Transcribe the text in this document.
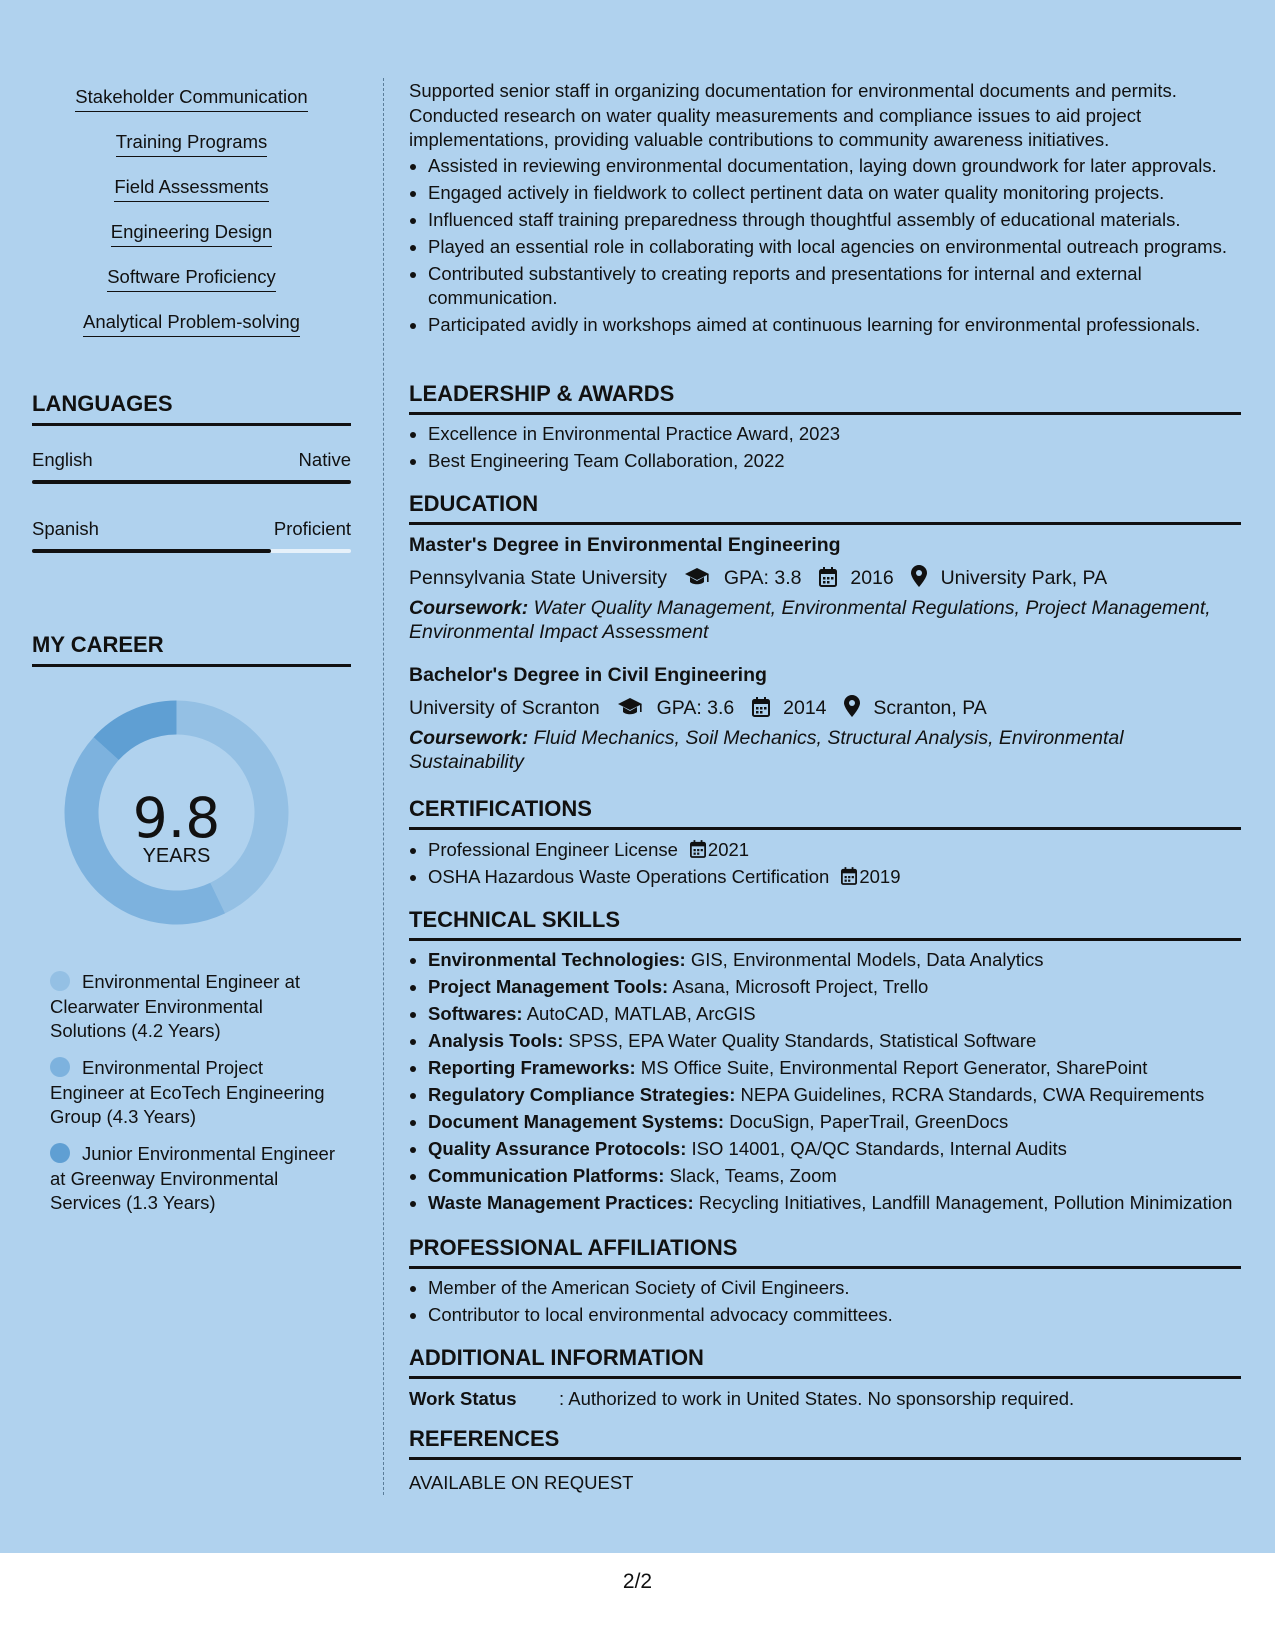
Stakeholder Communication
Training Programs
Field Assessments
Engineering Design
Software Proficiency
Analytical Problem-solving
LANGUAGES
English	Native
Spanish	Proficient
MY CAREER
9.8
YEARS
Environmental Engineer at Clearwater Environmental Solutions (4.2 Years)
Environmental Project Engineer at EcoTech Engineering Group (4.3 Years)
Junior Environmental Engineer at Greenway Environmental Services (1.3 Years)
Supported senior staff in organizing documentation for environmental documents and permits. Conducted research on water quality measurements and compliance issues to aid project implementations, providing valuable contributions to community awareness initiatives.
• Assisted in reviewing environmental documentation, laying down groundwork for later approvals.
• Engaged actively in fieldwork to collect pertinent data on water quality monitoring projects.
• Influenced staff training preparedness through thoughtful assembly of educational materials.
• Played an essential role in collaborating with local agencies on environmental outreach programs.
• Contributed substantively to creating reports and presentations for internal and external communication.
• Participated avidly in workshops aimed at continuous learning for environmental professionals.
LEADERSHIP & AWARDS
• Excellence in Environmental Practice Award, 2023
• Best Engineering Team Collaboration, 2022
EDUCATION
Master's Degree in Environmental Engineering
Pennsylvania State University	GPA: 3.8	2016 University Park, PA
Coursework: Water Quality Management, Environmental Regulations, Project Management, Environmental Impact Assessment
Bachelor's Degree in Civil Engineering
University of Scranton	GPA: 3.6	2014 Scranton, PA
Coursework: Fluid Mechanics, Soil Mechanics, Structural Analysis, Environmental Sustainability
CERTIFICATIONS
• Professional Engineer License 2021
• OSHA Hazardous Waste Operations Certification 2019
TECHNICAL SKILLS
• Environmental Technologies: GIS, Environmental Models, Data Analytics
• Project Management Tools: Asana, Microsoft Project, Trello
• Softwares: AutoCAD, MATLAB, ArcGIS
• Analysis Tools: SPSS, EPA Water Quality Standards, Statistical Software
• Reporting Frameworks: MS Office Suite, Environmental Report Generator, SharePoint
• Regulatory Compliance Strategies: NEPA Guidelines, RCRA Standards, CWA Requirements
• Document Management Systems: DocuSign, PaperTrail, GreenDocs
• Quality Assurance Protocols: ISO 14001, QA/QC Standards, Internal Audits
• Communication Platforms: Slack, Teams, Zoom
• Waste Management Practices: Recycling Initiatives, Landfill Management, Pollution Minimization
PROFESSIONAL AFFILIATIONS
• Member of the American Society of Civil Engineers.
• Contributor to local environmental advocacy committees.
ADDITIONAL INFORMATION
Work Status : Authorized to work in United States. No sponsorship required.
REFERENCES
AVAILABLE ON REQUEST
2/2
